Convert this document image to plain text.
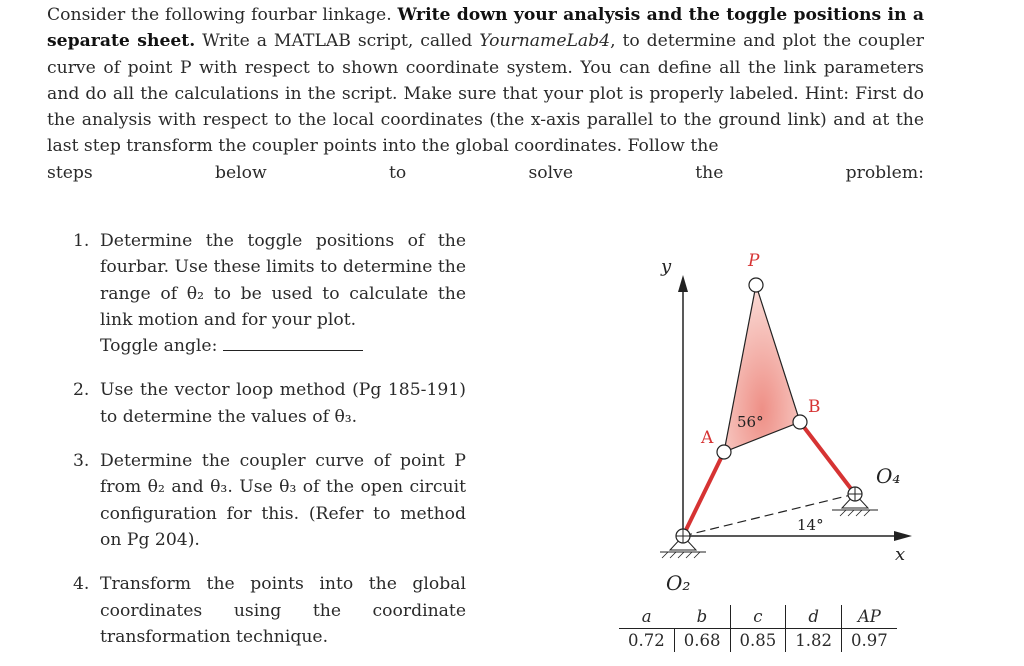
Consider the following fourbar linkage. Write down your analysis and the toggle positions in a separate sheet. Write a MATLAB script, called YournameLab4, to determine and plot the coupler curve of point P with respect to shown coordinate system. You can define all the link parameters and do all the calculations in the script. Make sure that your plot is properly labeled. Hint: First do the analysis with respect to the local coordinates (the x-axis parallel to the ground link) and at the last step transform the coupler points into the global coordinates. Follow the
steps	below	to	solve	the	problem:
1. Determine the toggle positions of the fourbar. Use these limits to determine the range of θ₂ to be used to calculate the link motion and for your plot.
Toggle angle:
2. Use the vector loop method (Pg 185-191) to determine the values of θ₃.
3. Determine the coupler curve of point P from θ₂ and θ₃. Use θ₃ of the open circuit configuration for this. (Refer to method on Pg 204).
4. Transform the points into the global coordinates using the coordinate transformation technique.
y
x
14°
56°
P
A
B
O₂
O₄
a	b	c	d	AP
0.72	0.68	0.85	1.82	0.97
